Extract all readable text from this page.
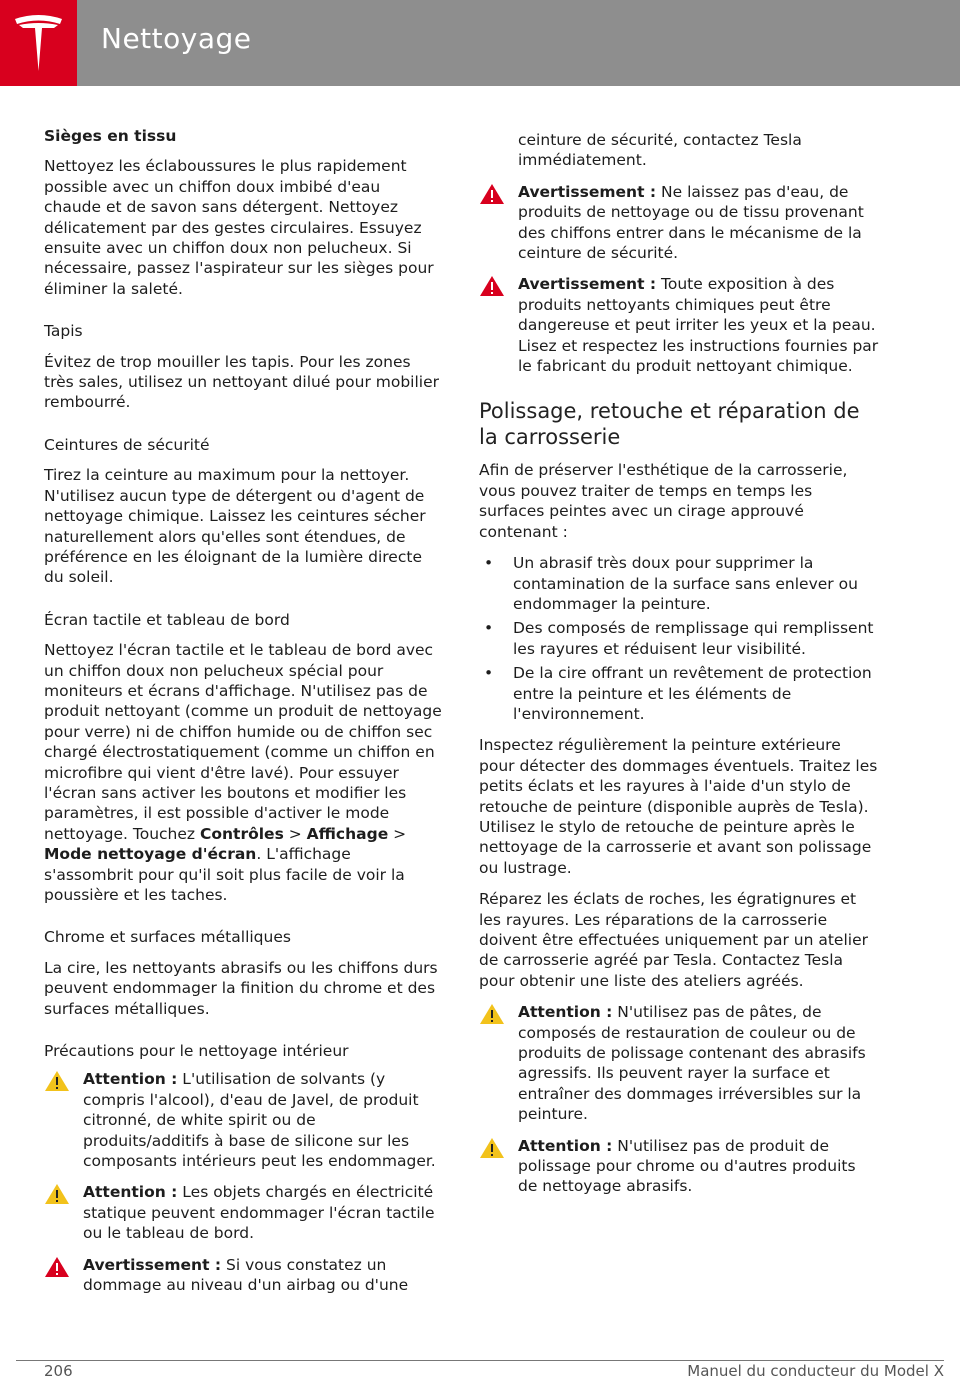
Nettoyage
Sièges en tissu

Nettoyez les éclaboussures le plus rapidement possible avec un chiffon doux imbibé d'eau chaude et de savon sans détergent. Nettoyez délicatement par des gestes circulaires. Essuyez ensuite avec un chiffon doux non pelucheux. Si nécessaire, passez l'aspirateur sur les sièges pour éliminer la saleté.

Tapis

Évitez de trop mouiller les tapis. Pour les zones très sales, utilisez un nettoyant dilué pour mobilier rembourré.

Ceintures de sécurité

Tirez la ceinture au maximum pour la nettoyer. N'utilisez aucun type de détergent ou d'agent de nettoyage chimique. Laissez les ceintures sécher naturellement alors qu'elles sont étendues, de préférence en les éloignant de la lumière directe du soleil.

Écran tactile et tableau de bord

Nettoyez l'écran tactile et le tableau de bord avec un chiffon doux non pelucheux spécial pour moniteurs et écrans d'affichage. N'utilisez pas de produit nettoyant (comme un produit de nettoyage pour verre) ni de chiffon humide ou de chiffon sec chargé électrostatiquement (comme un chiffon en microfibre qui vient d'être lavé). Pour essuyer l'écran sans activer les boutons et modifier les paramètres, il est possible d'activer le mode nettoyage. Touchez Contrôles > Affichage > Mode nettoyage d'écran. L'affichage s'assombrit pour qu'il soit plus facile de voir la poussière et les taches.

Chrome et surfaces métalliques

La cire, les nettoyants abrasifs ou les chiffons durs peuvent endommager la finition du chrome et des surfaces métalliques.

Précautions pour le nettoyage intérieur

Attention : L'utilisation de solvants (y compris l'alcool), d'eau de Javel, de produit citronné, de white spirit ou de produits/additifs à base de silicone sur les composants intérieurs peut les endommager.

Attention : Les objets chargés en électricité statique peuvent endommager l'écran tactile ou le tableau de bord.

Avertissement : Si vous constatez un dommage au niveau d'un airbag ou d'une

ceinture de sécurité, contactez Tesla immédiatement.

Avertissement : Ne laissez pas d'eau, de produits de nettoyage ou de tissu provenant des chiffons entrer dans le mécanisme de la ceinture de sécurité.

Avertissement : Toute exposition à des produits nettoyants chimiques peut être dangereuse et peut irriter les yeux et la peau. Lisez et respectez les instructions fournies par le fabricant du produit nettoyant chimique.

Polissage, retouche et réparation de la carrosserie

Afin de préserver l'esthétique de la carrosserie, vous pouvez traiter de temps en temps les surfaces peintes avec un cirage approuvé contenant :

• Un abrasif très doux pour supprimer la contamination de la surface sans enlever ou endommager la peinture.
• Des composés de remplissage qui remplissent les rayures et réduisent leur visibilité.
• De la cire offrant un revêtement de protection entre la peinture et les éléments de l'environnement.

Inspectez régulièrement la peinture extérieure pour détecter des dommages éventuels. Traitez les petits éclats et les rayures à l'aide d'un stylo de retouche de peinture (disponible auprès de Tesla). Utilisez le stylo de retouche de peinture après le nettoyage de la carrosserie et avant son polissage ou lustrage.

Réparez les éclats de roches, les égratignures et les rayures. Les réparations de la carrosserie doivent être effectuées uniquement par un atelier de carrosserie agréé par Tesla. Contactez Tesla pour obtenir une liste des ateliers agréés.

Attention : N'utilisez pas de pâtes, de composés de restauration de couleur ou de produits de polissage contenant des abrasifs agressifs. Ils peuvent rayer la surface et entraîner des dommages irréversibles sur la peinture.

Attention : N'utilisez pas de produit de polissage pour chrome ou d'autres produits de nettoyage abrasifs.

206	Manuel du conducteur du Model X
